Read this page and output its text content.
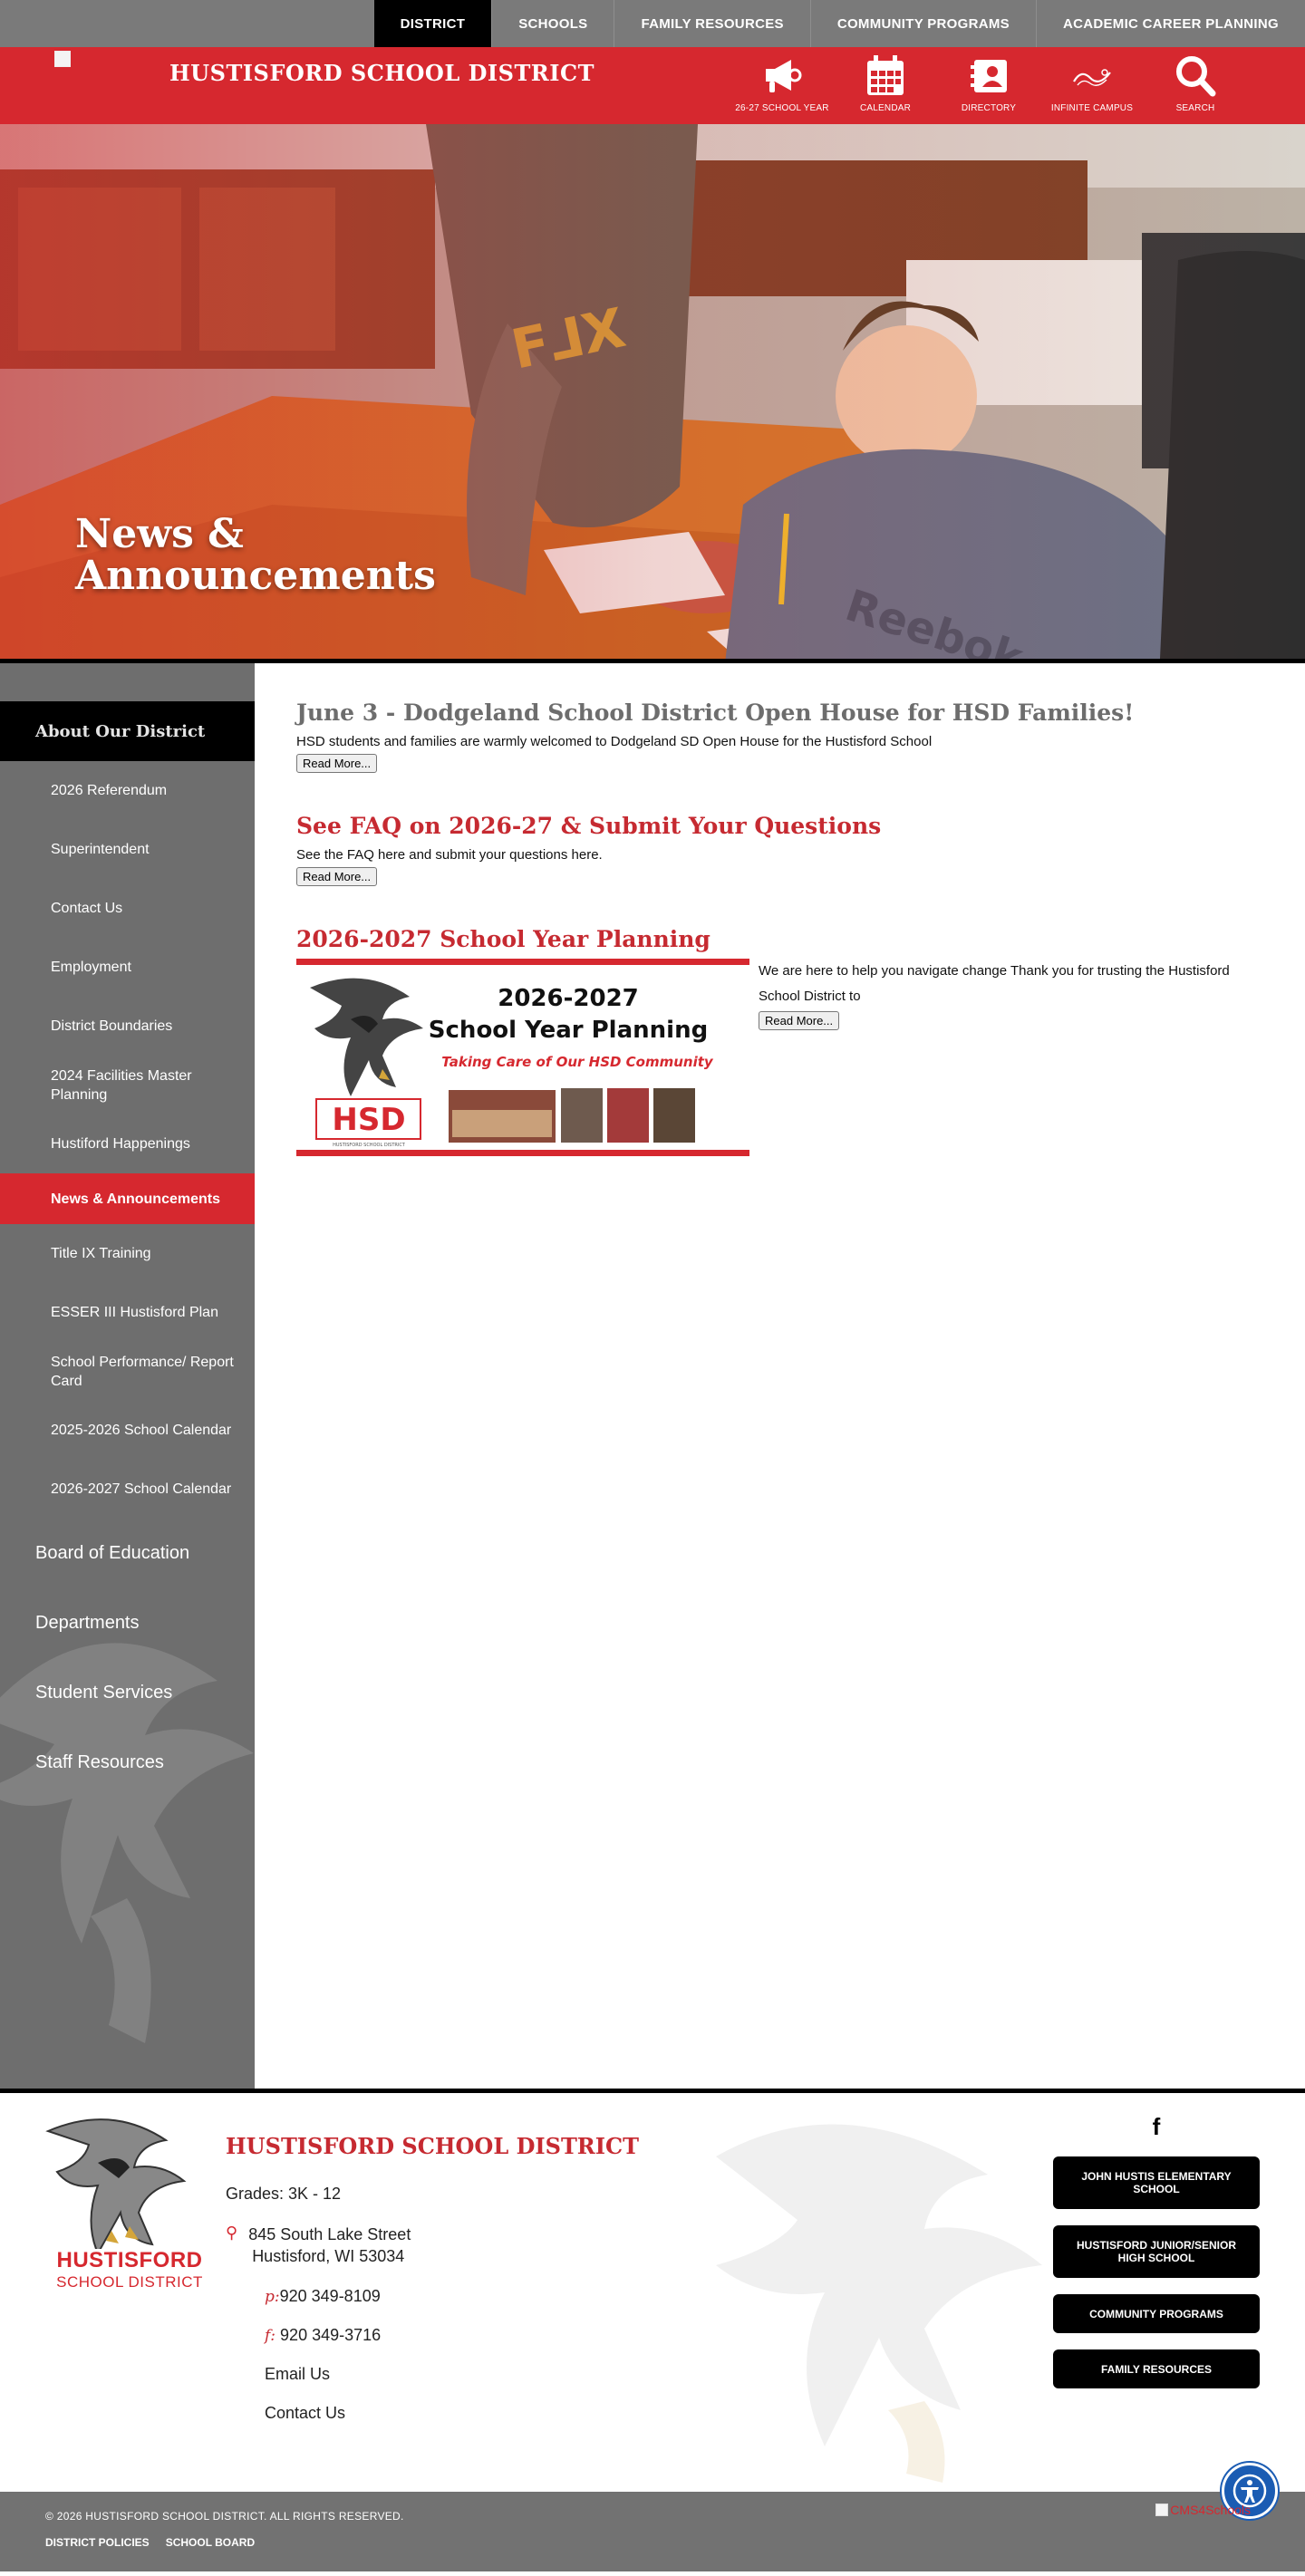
DISTRICT	SCHOOLS	FAMILY RESOURCES	COMMUNITY PROGRAMS	ACADEMIC CAREER PLANNING
HUSTISFORD SCHOOL DISTRICT
26-27 SCHOOL YEAR	CALENDAR	DIRECTORY	INFINITE CAMPUS	SEARCH
News &
Announcements
About Our District
2026 Referendum
Superintendent
Contact Us
Employment
District Boundaries
2024 Facilities Master Planning
Hustiford Happenings
News & Announcements
Title IX Training
ESSER III Hustisford Plan
School Performance/ Report Card
2025-2026 School Calendar
2026-2027 School Calendar
Board of Education
Departments
Student Services
Staff Resources
June 3 - Dodgeland School District Open House for HSD Families!

HSD students and families are warmly welcomed to Dodgeland SD Open House for the Hustisford School

Read More...
See FAQ on 2026-27 & Submit Your Questions

See the FAQ here and submit your questions here.

Read More...
2026-2027 School Year Planning
2026-2027
School Year Planning
Taking Care of Our HSD Community
HSD
HUSTISFORD SCHOOL DISTRICT

We are here to help you navigate change Thank you for trusting the Hustisford School District to

Read More...
HUSTISFORD
SCHOOL DISTRICT
HUSTISFORD SCHOOL DISTRICT
Grades: 3K - 12
⚲ 845 South Lake Street
Hustisford, WI 53034
p:920 349-8109
f: 920 349-3716
Email Us
Contact Us
f
JOHN HUSTIS ELEMENTARY SCHOOL
HUSTISFORD JUNIOR/SENIOR HIGH SCHOOL
COMMUNITY PROGRAMS
FAMILY RESOURCES
© 2026 HUSTISFORD SCHOOL DISTRICT. ALL RIGHTS RESERVED.
DISTRICT POLICIES SCHOOL BOARD
CMS4Schools
